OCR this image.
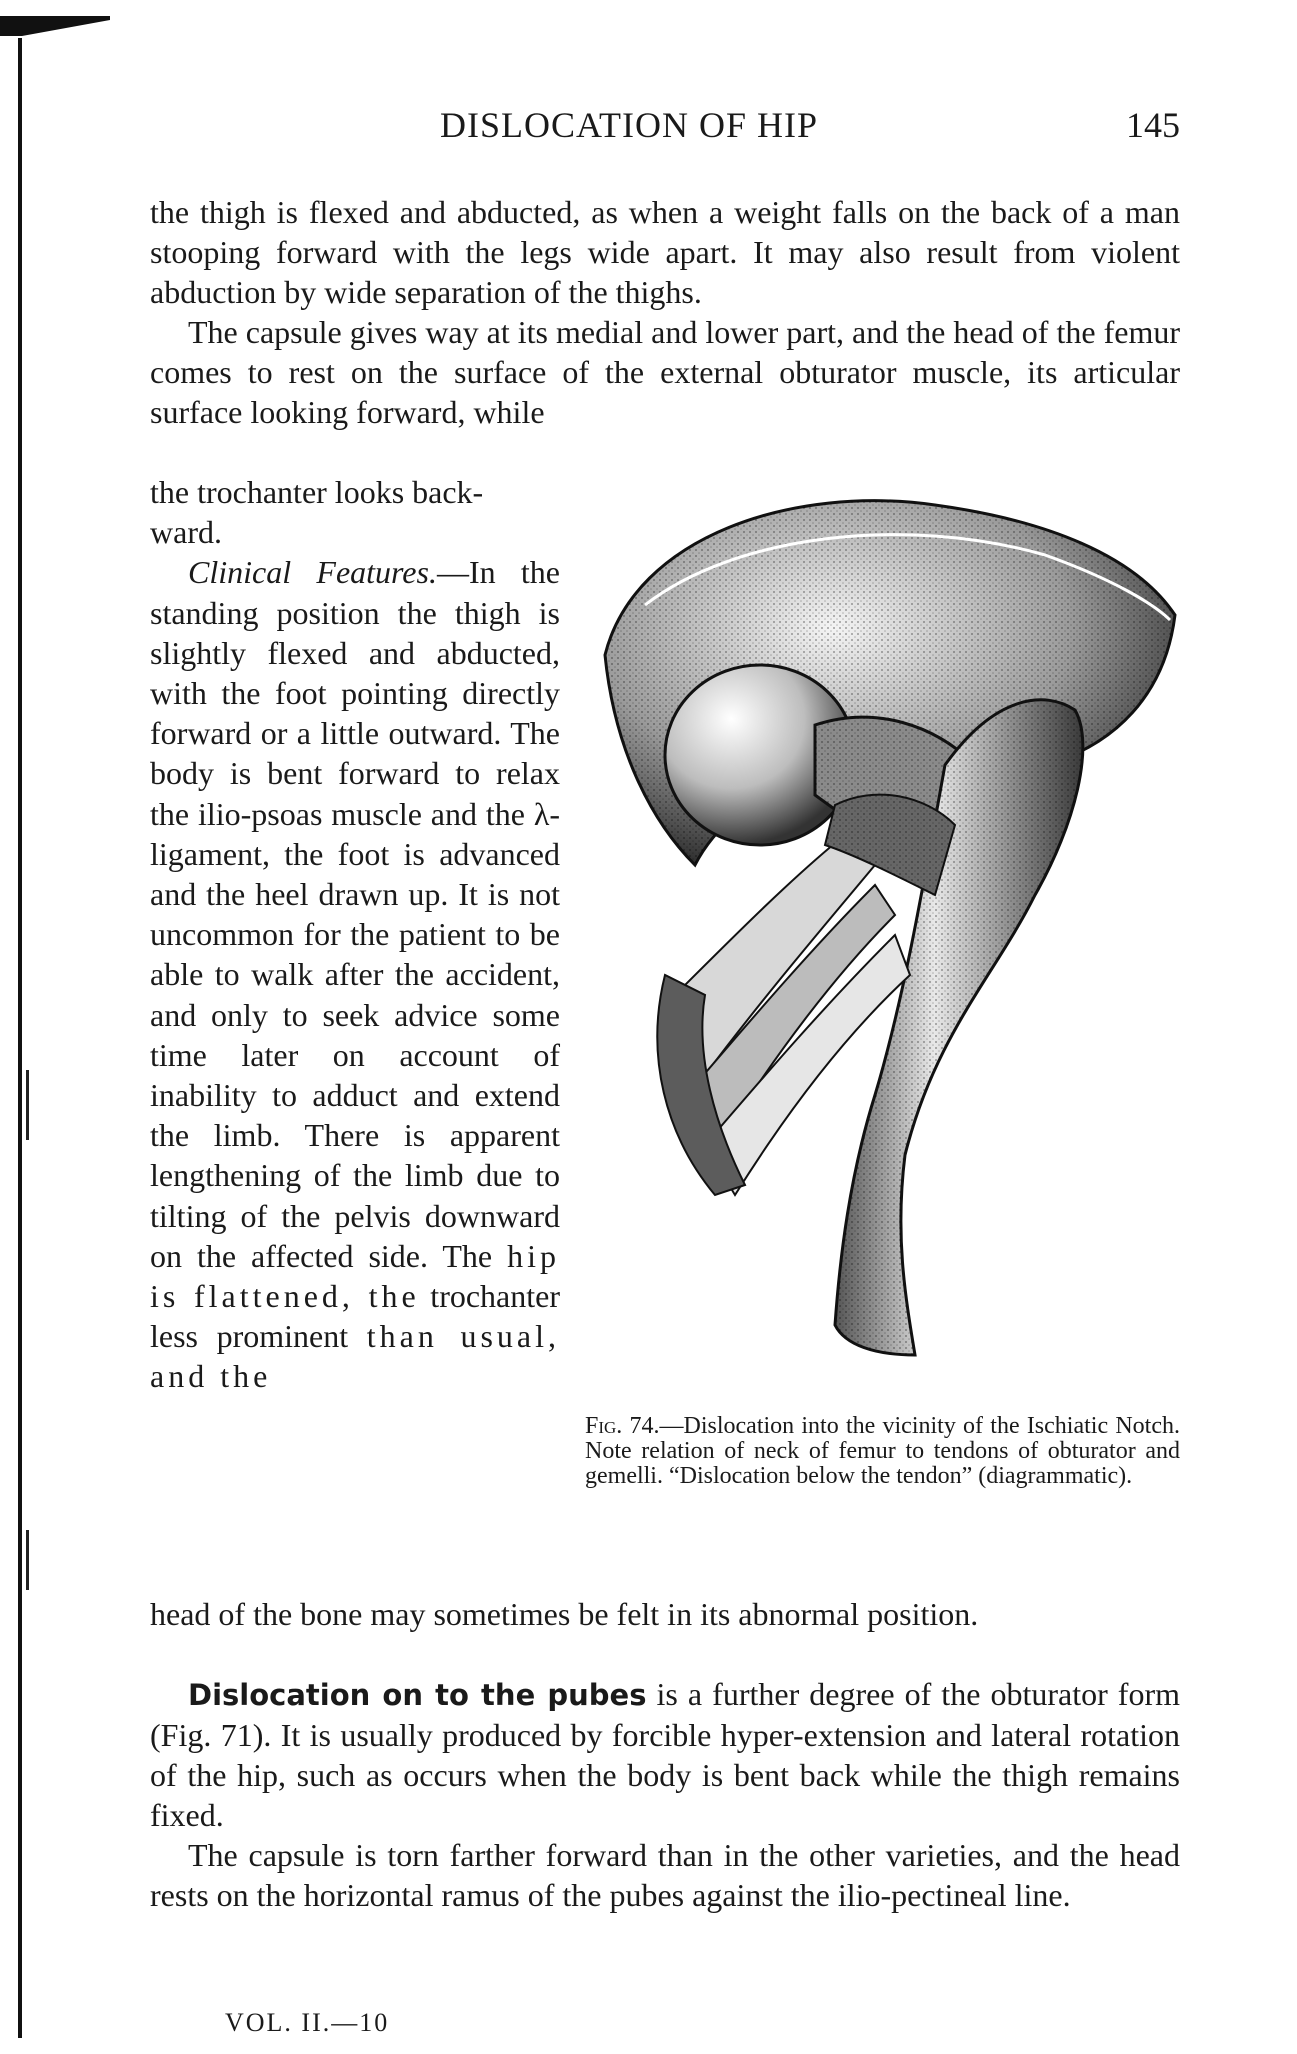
DISLOCATION OF HIP	145

the thigh is flexed and abducted, as when a weight falls on the back of a man stooping forward with the legs wide apart. It may also result from violent abduction by wide separation of the thighs.

The capsule gives way at its medial and lower part, and the head of the femur comes to rest on the surface of the external obturator muscle, its articular surface looking forward, while

the trochanter looks back-

ward.

Clinical Features.—In the standing position the thigh is slightly flexed and abducted, with the foot pointing directly forward or a little outward. The body is bent forward to relax the ilio-psoas muscle and the λ-ligament, the foot is advanced and the heel drawn up. It is not uncommon for the patient to be able to walk after the accident, and only to seek advice some time later on account of inability to adduct and extend the limb. There is apparent lengthening of the limb due to tilting of the pelvis downward on the affected side. The hip is flattened, the trochanter less prominent than usual, and the

Fig. 74.—Dislocation into the vicinity of the Ischiatic Notch. Note relation of neck of femur to tendons of obturator and gemelli. “Dislocation below the tendon” (diagrammatic).

head of the bone may sometimes be felt in its abnormal position.

Dislocation on to the pubes is a further degree of the obturator form (Fig. 71). It is usually produced by forcible hyper-extension and lateral rotation of the hip, such as occurs when the body is bent back while the thigh remains fixed.

The capsule is torn farther forward than in the other varieties, and the head rests on the horizontal ramus of the pubes against the ilio-pectineal line.

VOL. II.—10
